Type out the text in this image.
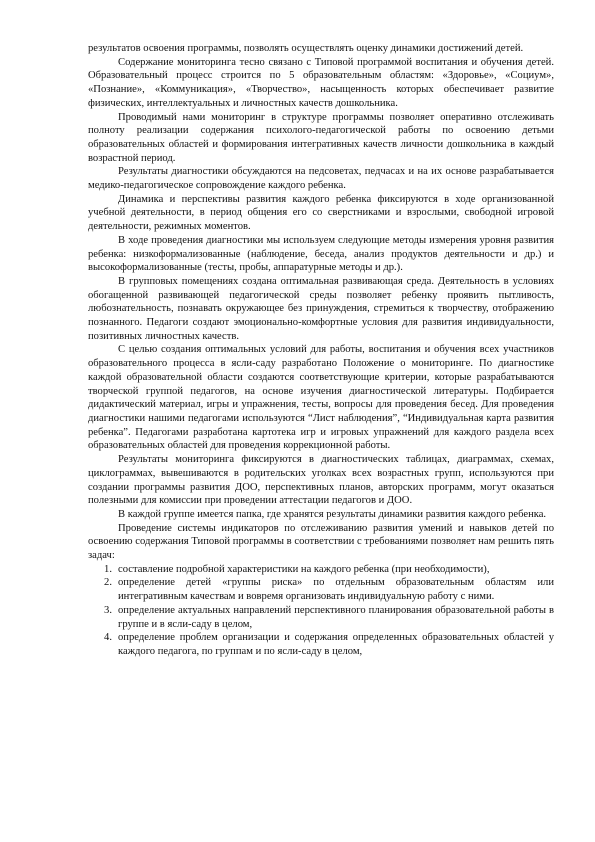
результатов освоения программы, позволять осуществлять оценку динамики достижений детей.

Содержание мониторинга тесно связано с Типовой программой воспитания и обучения детей. Образовательный процесс строится по 5 образовательным областям: «Здоровье», «Социум», «Познание», «Коммуникация», «Творчество», насыщенность которых обеспечивает развитие физических, интеллектуальных и личностных качеств дошкольника.

Проводимый нами мониторинг в структуре программы позволяет оперативно отслеживать полноту реализации содержания психолого-педагогической работы по освоению детьми образовательных областей и формирования интегративных качеств личности дошкольника в каждый возрастной период.

Результаты диагностики обсуждаются на педсоветах, педчасах и на их основе разрабатывается медико-педагогическое сопровождение каждого ребенка.

Динамика и перспективы развития каждого ребенка фиксируются в ходе организованной учебной деятельности, в период общения его со сверстниками и взрослыми, свободной игровой деятельности, режимных моментов.

В ходе проведения диагностики мы используем следующие методы измерения уровня развития ребенка: низкоформализованные (наблюдение, беседа, анализ продуктов деятельности и др.) и высокоформализованные (тесты, пробы, аппаратурные методы и др.).

В групповых помещениях создана оптимальная развивающая среда. Деятельность в условиях обогащенной развивающей педагогической среды позволяет ребенку проявить пытливость, любознательность, познавать окружающее без принуждения, стремиться к творчеству, отображению познанного. Педагоги создают эмоционально-комфортные условия для развития индивидуальности, позитивных личностных качеств.

С целью создания оптимальных условий для работы, воспитания и обучения всех участников образовательного процесса в ясли-саду разработано Положение о мониторинге. По диагностике каждой образовательной области создаются соответствующие критерии, которые разрабатываются творческой группой педагогов, на основе изучения диагностической литературы. Подбирается дидактический материал, игры и упражнения, тесты, вопросы для проведения бесед. Для проведения диагностики нашими педагогами используются “Лист наблюдения”, “Индивидуальная карта развития ребенка”. Педагогами разработана картотека игр и игровых упражнений для каждого раздела всех образовательных областей для проведения коррекционной работы.

Результаты мониторинга фиксируются в диагностических таблицах, диаграммах, схемах, циклограммах, вывешиваются в родительских уголках всех возрастных групп, используются при создании программы развития ДОО, перспективных планов, авторских программ, могут оказаться полезными для комиссии при проведении аттестации педагогов и ДОО.

В каждой группе имеется папка, где хранятся результаты динамики развития каждого ребенка.

Проведение системы индикаторов по отслеживанию развития умений и навыков детей по освоению содержания Типовой программы в соответствии с требованиями позволяет нам решить пять задач:

1. составление подробной характеристики на каждого ребенка (при необходимости),
2. определение детей «группы риска» по отдельным образовательным областям или интегративным качествам и вовремя организовать индивидуальную работу с ними.
3. определение актуальных направлений перспективного планирования образовательной работы в группе и в ясли-саду в целом,
4. определение проблем организации и содержания определенных образовательных областей у каждого педагога, по группам и по ясли-саду в целом,
